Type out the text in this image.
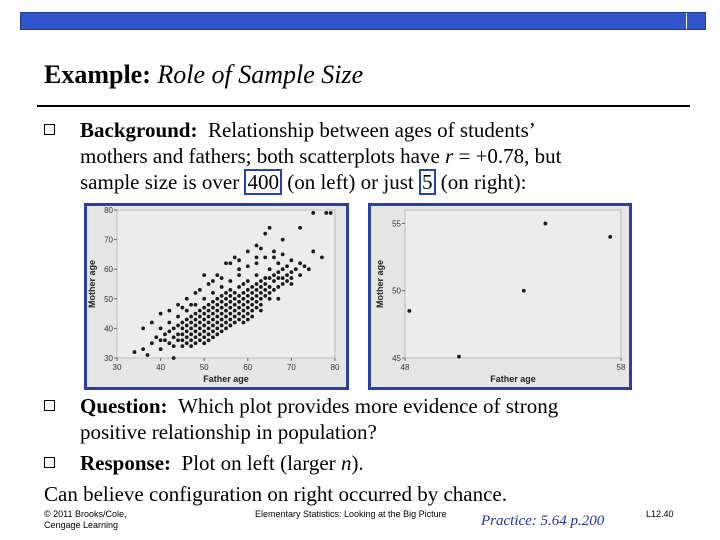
Example: Role of Sample Size
Background: Relationship between ages of students’
mothers and fathers; both scatterplots have r = +0.78, but
sample size is over 400 (on left) or just 5 (on right):
30	40	50	60	70	80
30
40
50
60
70
80
Father age
Mother age
48	58
45
50
55
Father age
Mother age
Question: Which plot provides more evidence of strong
positive relationship in population?
Response: Plot on left (larger n).
Can believe configuration on right occurred by chance.
© 2011 Brooks/Cole,
Cengage Learning
Elementary Statistics: Looking at the Big Picture Practice: 5.64 p.200	L12.40
